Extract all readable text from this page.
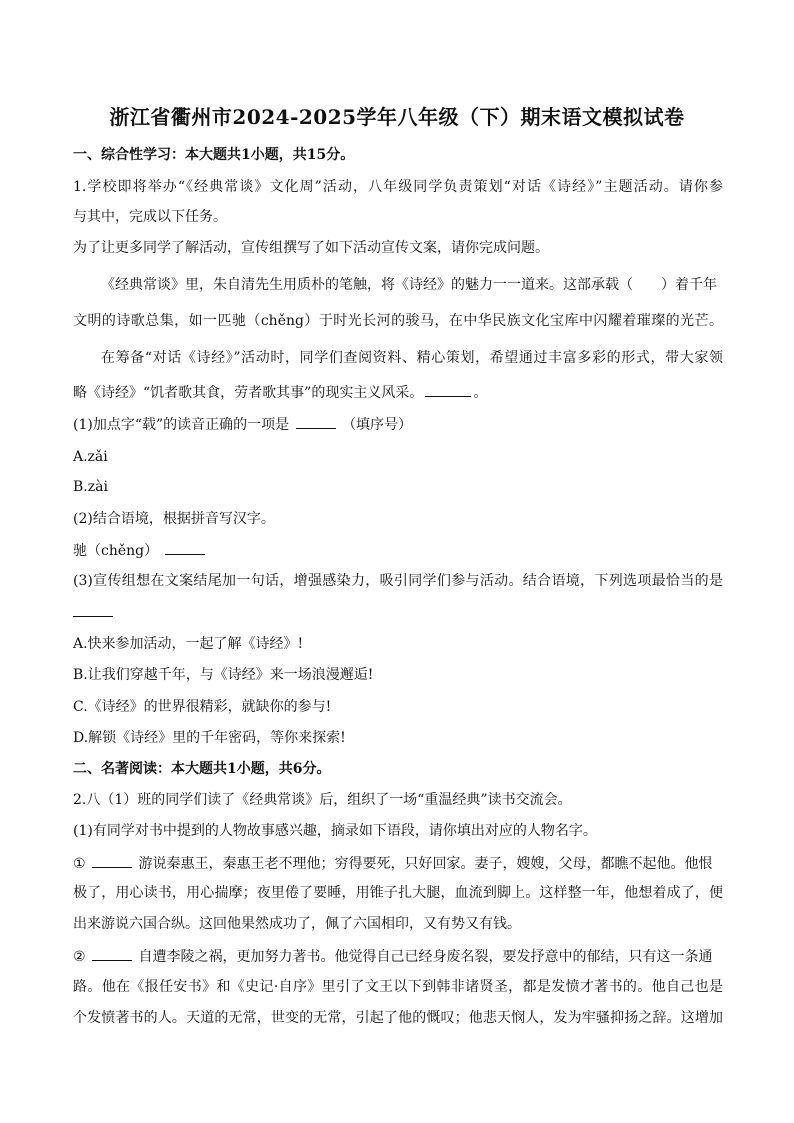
浙江省衢州市2024-2025学年八年级（下）期末语文模拟试卷
一、综合性学习：本大题共1小题，共15分。
1.学校即将举办“《经典常谈》文化周”活动，八年级同学负责策划“对话《诗经》”主题活动。请你参
与其中，完成以下任务。
为了让更多同学了解活动，宣传组撰写了如下活动宣传文案，请你完成问题。
《经典常谈》里，朱自清先生用质朴的笔触，将《诗经》的魅力一一道来。这部承载（ ）着千年
文明的诗歌总集，如一匹驰（chěng）于时光长河的骏马，在中华民族文化宝库中闪耀着璀璨的光芒。
在筹备“对话《诗经》”活动时，同学们查阅资料、精心策划，希望通过丰富多彩的形式，带大家领
略《诗经》“饥者歌其食，劳者歌其事”的现实主义风采。	。
(1)加点字“载”的读音正确的一项是	（填序号）
A.zǎi
B.zài
(2)结合语境，根据拼音写汉字。
驰（chěng）
(3)宣传组想在文案结尾加一句话，增强感染力，吸引同学们参与活动。结合语境，下列选项最恰当的是
A.快来参加活动，一起了解《诗经》!
B.让我们穿越千年，与《诗经》来一场浪漫邂逅!
C.《诗经》的世界很精彩，就缺你的参与!
D.解锁《诗经》里的千年密码，等你来探索!
二、名著阅读：本大题共1小题，共6分。
2.八（1）班的同学们读了《经典常谈》后，组织了一场“重温经典”读书交流会。
(1)有同学对书中提到的人物故事感兴趣，摘录如下语段，请你填出对应的人物名字。
①	游说秦惠王，秦惠王老不理他；穷得要死，只好回家。妻子，嫂嫂，父母，都瞧不起他。他恨
极了，用心读书，用心揣摩；夜里倦了要睡，用锥子扎大腿，血流到脚上。这样整一年，他想着成了，便
出来游说六国合纵。这回他果然成功了，佩了六国相印，又有势又有钱。
②	自遭李陵之祸，更加努力著书。他觉得自己已经身废名裂，要发抒意中的郁结，只有这一条通
路。他在《报任安书》和《史记·自序》里引了文王以下到韩非诸贤圣，都是发愤才著书的。他自己也是
个发愤著书的人。天道的无常，世变的无常，引起了他的慨叹；他悲天悯人，发为牢骚抑扬之辞。这增加
